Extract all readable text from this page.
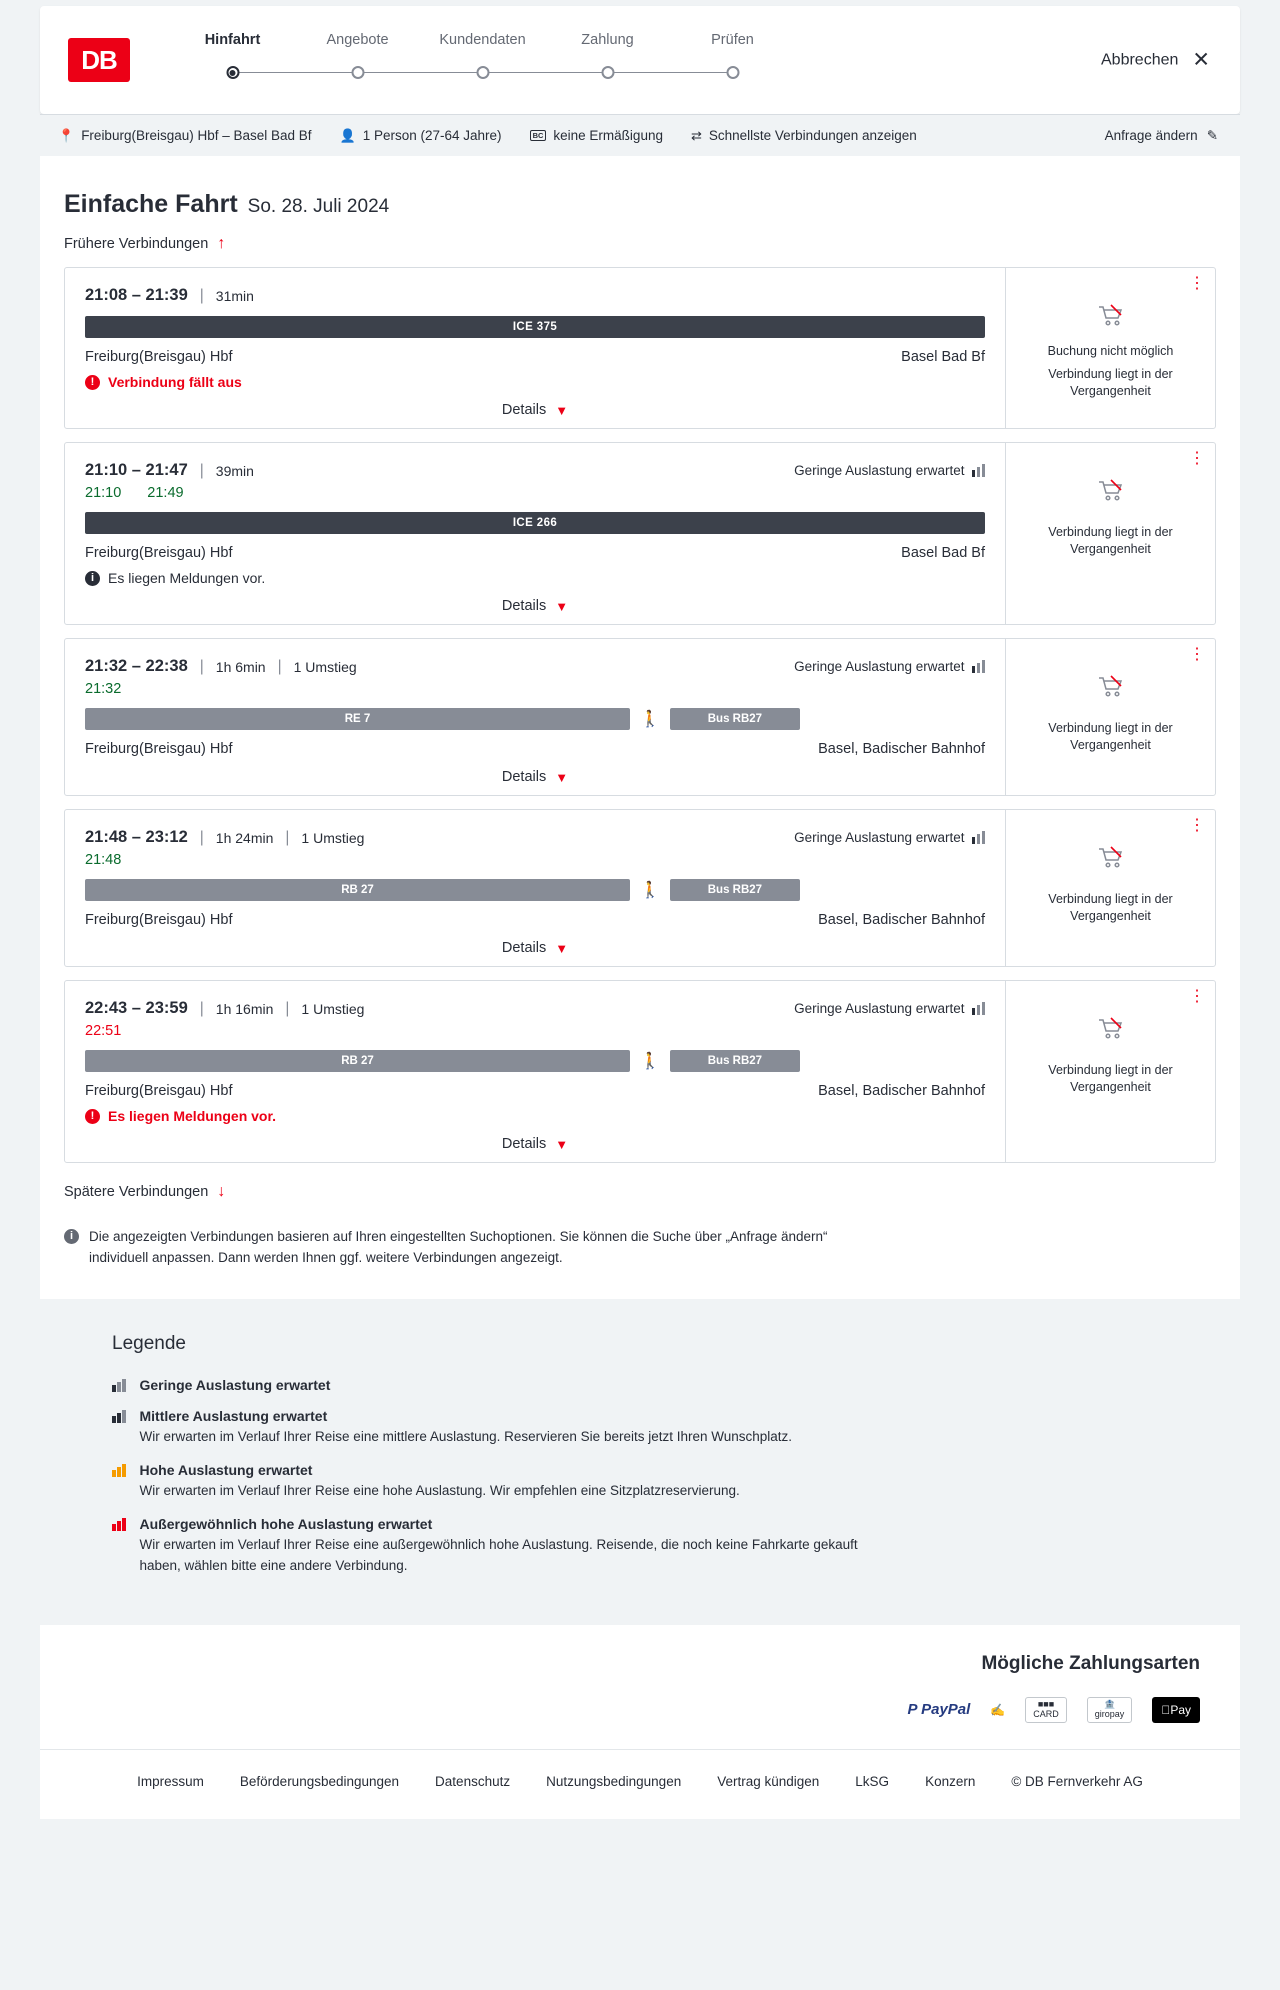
DB
Hinfahrt	Angebote	Kundendaten	Zahlung	Prüfen
Abbrechen ✕
📍 Freiburg(Breisgau) Hbf – Basel Bad Bf 👤 1 Person (27-64 Jahre)	BC keine Ermäßigung ⇄ Schnellste Verbindungen anzeigen	Anfrage ändern ✎
Einfache Fahrt So. 28. Juli 2024
Frühere Verbindungen ↑
21:08 – 21:39 | 31min
ICE 375
Freiburg(Breisgau) Hbf	Basel Bad Bf
! Verbindung fällt aus
Details ▼
⋮
Buchung nicht möglich
Verbindung liegt in der Vergangenheit
21:10 – 21:47 | 39min	Geringe Auslastung erwartet
21:10 21:49
ICE 266
Freiburg(Breisgau) Hbf	Basel Bad Bf
i Es liegen Meldungen vor.
Details ▼
⋮
Verbindung liegt in der Vergangenheit
21:32 – 22:38 | 1h 6min | 1 Umstieg	Geringe Auslastung erwartet
21:32
RE 7	🚶	Bus RB27
Freiburg(Breisgau) Hbf	Basel, Badischer Bahnhof
Details ▼
⋮
Verbindung liegt in der Vergangenheit
21:48 – 23:12 | 1h 24min | 1 Umstieg	Geringe Auslastung erwartet
21:48
RB 27	🚶	Bus RB27
Freiburg(Breisgau) Hbf	Basel, Badischer Bahnhof
Details ▼
⋮
Verbindung liegt in der Vergangenheit
22:43 – 23:59 | 1h 16min | 1 Umstieg	Geringe Auslastung erwartet
22:51
RB 27	🚶	Bus RB27
Freiburg(Breisgau) Hbf	Basel, Badischer Bahnhof
! Es liegen Meldungen vor.
Details ▼
⋮
Verbindung liegt in der Vergangenheit
Spätere Verbindungen ↓
i	Die angezeigten Verbindungen basieren auf Ihren eingestellten Suchoptionen. Sie können die Suche über „Anfrage ändern“ individuell anpassen. Dann werden Ihnen ggf. weitere Verbindungen angezeigt.
Legende
Geringe Auslastung erwartet
Mittlere Auslastung erwartet
Wir erwarten im Verlauf Ihrer Reise eine mittlere Auslastung. Reservieren Sie bereits jetzt Ihren Wunschplatz.
Hohe Auslastung erwartet
Wir erwarten im Verlauf Ihrer Reise eine hohe Auslastung. Wir empfehlen eine Sitzplatzreservierung.
Außergewöhnlich hohe Auslastung erwartet
Wir erwarten im Verlauf Ihrer Reise eine außergewöhnlich hohe Auslastung. Reisende, die noch keine Fahrkarte gekauft haben, wählen bitte eine andere Verbindung.
Mögliche Zahlungsarten
P PayPal	✍	■■■
CARD
🏦
giropay	Pay
Impressum	Beförderungsbedingungen	Datenschutz	Nutzungsbedingungen	Vertrag kündigen	LkSG	Konzern	© DB Fernverkehr AG
